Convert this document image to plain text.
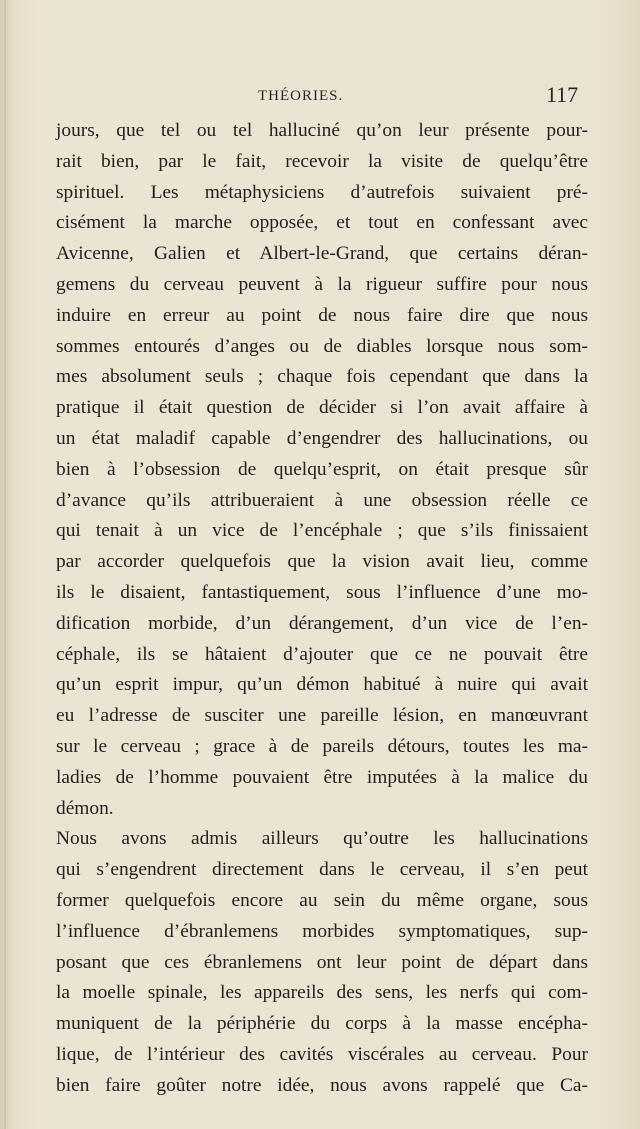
THÉORIES.	117
jours, que tel ou tel halluciné qu’on leur présente pour-
rait bien, par le fait, recevoir la visite de quelqu’être
spirituel. Les métaphysiciens d’autrefois suivaient pré-
cisément la marche opposée, et tout en confessant avec
Avicenne, Galien et Albert-le-Grand, que certains déran-
gemens du cerveau peuvent à la rigueur suffire pour nous
induire en erreur au point de nous faire dire que nous
sommes entourés d’anges ou de diables lorsque nous som-
mes absolument seuls ; chaque fois cependant que dans la
pratique il était question de décider si l’on avait affaire à
un état maladif capable d’engendrer des hallucinations, ou
bien à l’obsession de quelqu’esprit, on était presque sûr
d’avance qu’ils attribueraient à une obsession réelle ce
qui tenait à un vice de l’encéphale ; que s’ils finissaient
par accorder quelquefois que la vision avait lieu, comme
ils le disaient, fantastiquement, sous l’influence d’une mo-
dification morbide, d’un dérangement, d’un vice de l’en-
céphale, ils se hâtaient d’ajouter que ce ne pouvait être
qu’un esprit impur, qu’un démon habitué à nuire qui avait
eu l’adresse de susciter une pareille lésion, en manœuvrant
sur le cerveau ; grace à de pareils détours, toutes les ma-
ladies de l’homme pouvaient être imputées à la malice du
démon.
Nous avons admis ailleurs qu’outre les hallucinations
qui s’engendrent directement dans le cerveau, il s’en peut
former quelquefois encore au sein du même organe, sous
l’influence d’ébranlemens morbides symptomatiques, sup-
posant que ces ébranlemens ont leur point de départ dans
la moelle spinale, les appareils des sens, les nerfs qui com-
muniquent de la périphérie du corps à la masse encépha-
lique, de l’intérieur des cavités viscérales au cerveau. Pour
bien faire goûter notre idée, nous avons rappelé que Ca-
